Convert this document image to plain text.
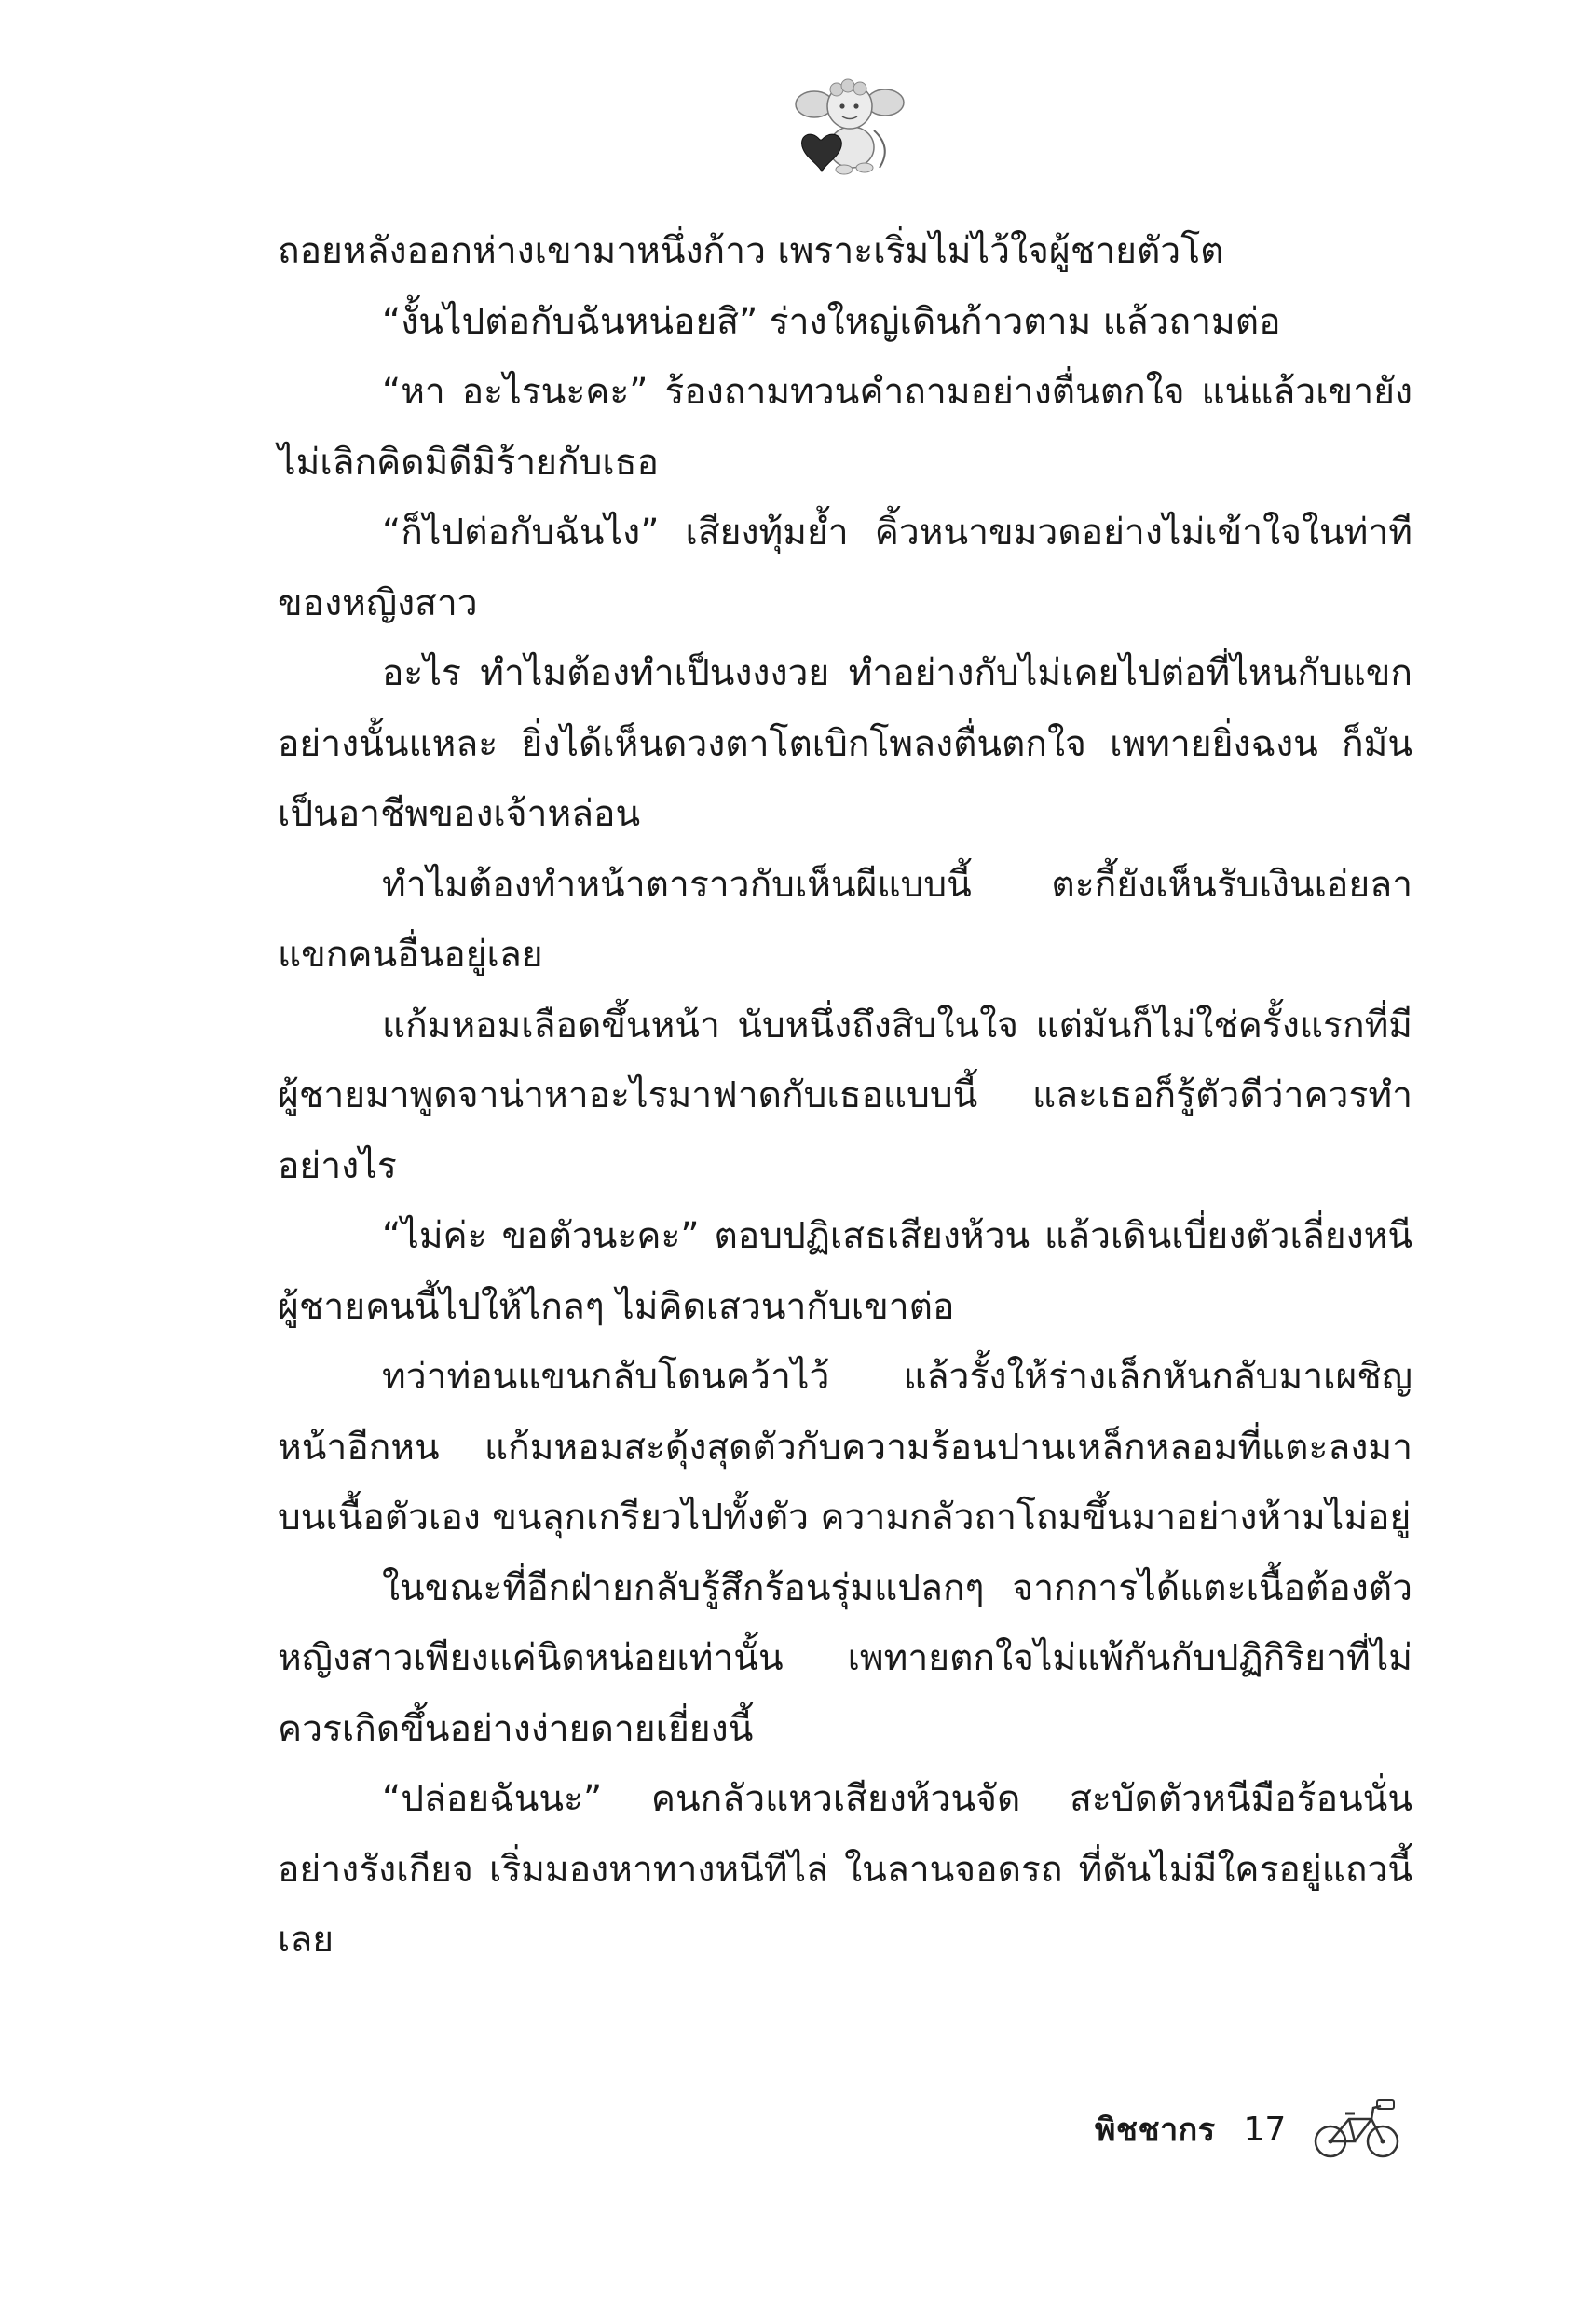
ถอยหลังออกห่างเขามาหนึ่งก้าว เพราะเริ่มไม่ไว้ใจผู้ชายตัวโต

“งั้นไปต่อกับฉันหน่อยสิ” ร่างใหญ่เดินก้าวตาม แล้วถามต่อ

“หา อะไรนะคะ” ร้องถามทวนคำถามอย่างตื่นตกใจ แน่แล้วเขายังไม่เลิกคิดมิดีมิร้ายกับเธอ

“ก็ไปต่อกับฉันไง” เสียงทุ้มย้ำ คิ้วหนาขมวดอย่างไม่เข้าใจในท่าทีของหญิงสาว

อะไร ทำไมต้องทำเป็นงงงวย ทำอย่างกับไม่เคยไปต่อที่ไหนกับแขกอย่างนั้นแหละ ยิ่งได้เห็นดวงตาโตเบิกโพลงตื่นตกใจ เพทายยิ่งฉงน ก็มันเป็นอาชีพของเจ้าหล่อน

ทำไมต้องทำหน้าตาราวกับเห็นผีแบบนี้ ตะกี้ยังเห็นรับเงินเอ่ยลาแขกคนอื่นอยู่เลย

แก้มหอมเลือดขึ้นหน้า นับหนึ่งถึงสิบในใจ แต่มันก็ไม่ใช่ครั้งแรกที่มีผู้ชายมาพูดจาน่าหาอะไรมาฟาดกับเธอแบบนี้ และเธอก็รู้ตัวดีว่าควรทำอย่างไร

“ไม่ค่ะ ขอตัวนะคะ” ตอบปฏิเสธเสียงห้วน แล้วเดินเบี่ยงตัวเลี่ยงหนีผู้ชายคนนี้ไปให้ไกลๆ ไม่คิดเสวนากับเขาต่อ

ทว่าท่อนแขนกลับโดนคว้าไว้ แล้วรั้งให้ร่างเล็กหันกลับมาเผชิญหน้าอีกหน แก้มหอมสะดุ้งสุดตัวกับความร้อนปานเหล็กหลอมที่แตะลงมาบนเนื้อตัวเอง ขนลุกเกรียวไปทั้งตัว ความกลัวถาโถมขึ้นมาอย่างห้ามไม่อยู่

ในขณะที่อีกฝ่ายกลับรู้สึกร้อนรุ่มแปลกๆ จากการได้แตะเนื้อต้องตัวหญิงสาวเพียงแค่นิดหน่อยเท่านั้น เพทายตกใจไม่แพ้กันกับปฏิกิริยาที่ไม่ควรเกิดขึ้นอย่างง่ายดายเยี่ยงนี้

“ปล่อยฉันนะ” คนกลัวแหวเสียงห้วนจัด สะบัดตัวหนีมือร้อนนั่นอย่างรังเกียจ เริ่มมองหาทางหนีทีไล่ ในลานจอดรถ ที่ดันไม่มีใครอยู่แถวนี้เลย

พิชชากร 17
